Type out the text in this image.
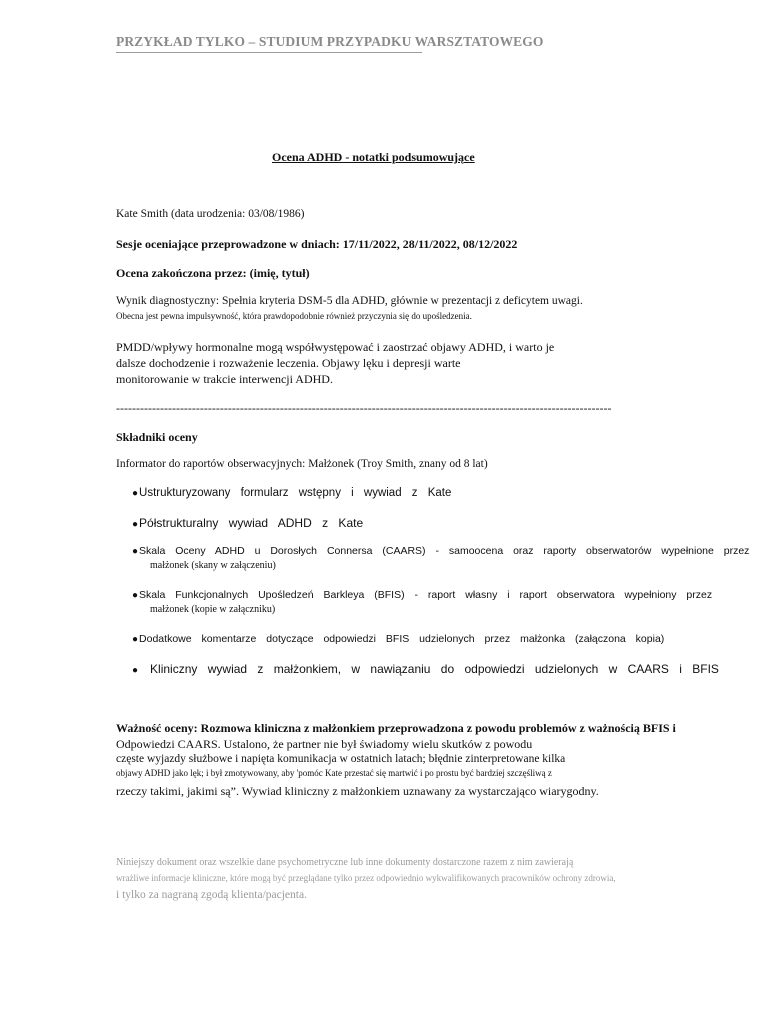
PRZYKŁAD TYLKO – STUDIUM PRZYPADKU WARSZTATOWEGO
Ocena ADHD - notatki podsumowujące
Kate Smith (data urodzenia: 03/08/1986)
Sesje oceniające przeprowadzone w dniach: 17/11/2022, 28/11/2022, 08/12/2022
Ocena zakończona przez: (imię, tytuł)
Wynik diagnostyczny: Spełnia kryteria DSM-5 dla ADHD, głównie w prezentacji z deficytem uwagi.
Obecna jest pewna impulsywność, która prawdopodobnie również przyczynia się do upośledzenia.
PMDD/wpływy hormonalne mogą współwystępować i zaostrzać objawy ADHD, i warto je
dalsze dochodzenie i rozważenie leczenia. Objawy lęku i depresji warte
monitorowanie w trakcie interwencji ADHD.
----------------------------------------------------------------------------------------------------------------------------
Składniki oceny
Informator do raportów obserwacyjnych: Małżonek (Troy Smith, znany od 8 lat)
●Ustrukturyzowany formularz wstępny i wywiad z Kate
●Półstrukturalny wywiad ADHD z Kate
●Skala Oceny ADHD u Dorosłych Connersa (CAARS) - samoocena oraz raporty obserwatorów wypełnione przez
małżonek (skany w załączeniu)
●Skala Funkcjonalnych Upośledzeń Barkleya (BFIS) - raport własny i raport obserwatora wypełniony przez
małżonek (kopie w załączniku)
●Dodatkowe komentarze dotyczące odpowiedzi BFIS udzielonych przez małżonka (załączona kopia)
● Kliniczny wywiad z małżonkiem, w nawiązaniu do odpowiedzi udzielonych w CAARS i BFIS
Ważność oceny: Rozmowa kliniczna z małżonkiem przeprowadzona z powodu problemów z ważnością BFIS i
Odpowiedzi CAARS. Ustalono, że partner nie był świadomy wielu skutków z powodu
częste wyjazdy służbowe i napięta komunikacja w ostatnich latach; błędnie zinterpretowane kilka
objawy ADHD jako lęk; i był zmotywowany, aby 'pomóc Kate przestać się martwić i po prostu być bardziej szczęśliwą z
rzeczy takimi, jakimi są”. Wywiad kliniczny z małżonkiem uznawany za wystarczająco wiarygodny.
Niniejszy dokument oraz wszelkie dane psychometryczne lub inne dokumenty dostarczone razem z nim zawierają
wrażliwe informacje kliniczne, które mogą być przeglądane tylko przez odpowiednio wykwalifikowanych pracowników ochrony zdrowia,
i tylko za nagraną zgodą klienta/pacjenta.
